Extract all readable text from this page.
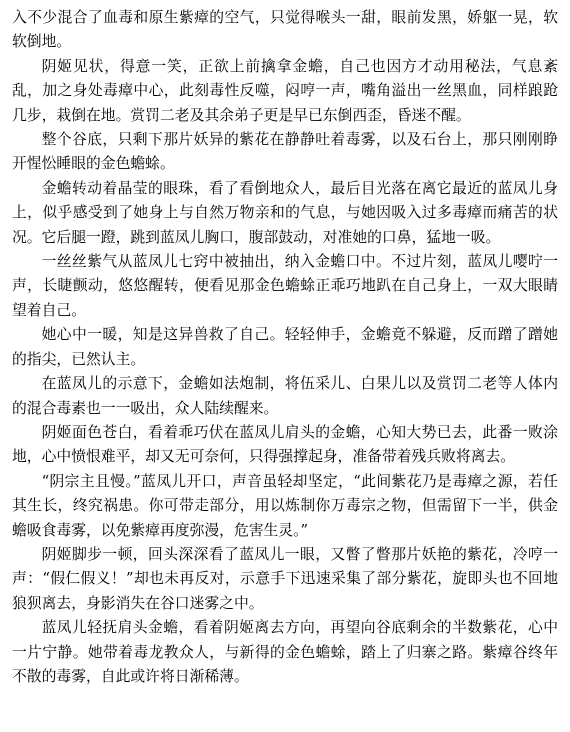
入不少混合了血毒和原生紫瘴的空气，只觉得喉头一甜，眼前发黑，娇躯一晃，软软倒地。

阴姬见状，得意一笑，正欲上前擒拿金蟾，自己也因方才动用秘法，气息紊乱，加之身处毒瘴中心，此刻毒性反噬，闷哼一声，嘴角溢出一丝黑血，同样踉跄几步，栽倒在地。赏罚二老及其余弟子更是早已东倒西歪，昏迷不醒。

整个谷底，只剩下那片妖异的紫花在静静吐着毒雾，以及石台上，那只刚刚睁开惺忪睡眼的金色蟾蜍。

金蟾转动着晶莹的眼珠，看了看倒地众人，最后目光落在离它最近的蓝凤儿身上，似乎感受到了她身上与自然万物亲和的气息，与她因吸入过多毒瘴而痛苦的状况。它后腿一蹬，跳到蓝凤儿胸口，腹部鼓动，对准她的口鼻，猛地一吸。

一丝丝紫气从蓝凤儿七窍中被抽出，纳入金蟾口中。不过片刻，蓝凤儿嘤咛一声，长睫颤动，悠悠醒转，便看见那金色蟾蜍正乖巧地趴在自己身上，一双大眼睛望着自己。

她心中一暖，知是这异兽救了自己。轻轻伸手，金蟾竟不躲避，反而蹭了蹭她的指尖，已然认主。

在蓝凤儿的示意下，金蟾如法炮制，将伍采儿、白果儿以及赏罚二老等人体内的混合毒素也一一吸出，众人陆续醒来。

阴姬面色苍白，看着乖巧伏在蓝凤儿肩头的金蟾，心知大势已去，此番一败涂地，心中愤恨难平，却又无可奈何，只得强撑起身，准备带着残兵败将离去。

“阴宗主且慢。”蓝凤儿开口，声音虽轻却坚定，“此间紫花乃是毒瘴之源，若任其生长，终究祸患。你可带走部分，用以炼制你万毒宗之物，但需留下一半，供金蟾吸食毒雾，以免紫瘴再度弥漫，危害生灵。”

阴姬脚步一顿，回头深深看了蓝凤儿一眼，又瞥了瞥那片妖艳的紫花，冷哼一声：“假仁假义！”却也未再反对，示意手下迅速采集了部分紫花，旋即头也不回地狼狈离去，身影消失在谷口迷雾之中。

蓝凤儿轻抚肩头金蟾，看着阴姬离去方向，再望向谷底剩余的半数紫花，心中一片宁静。她带着毒龙教众人，与新得的金色蟾蜍，踏上了归寨之路。紫瘴谷终年不散的毒雾，自此或许将日渐稀薄。
